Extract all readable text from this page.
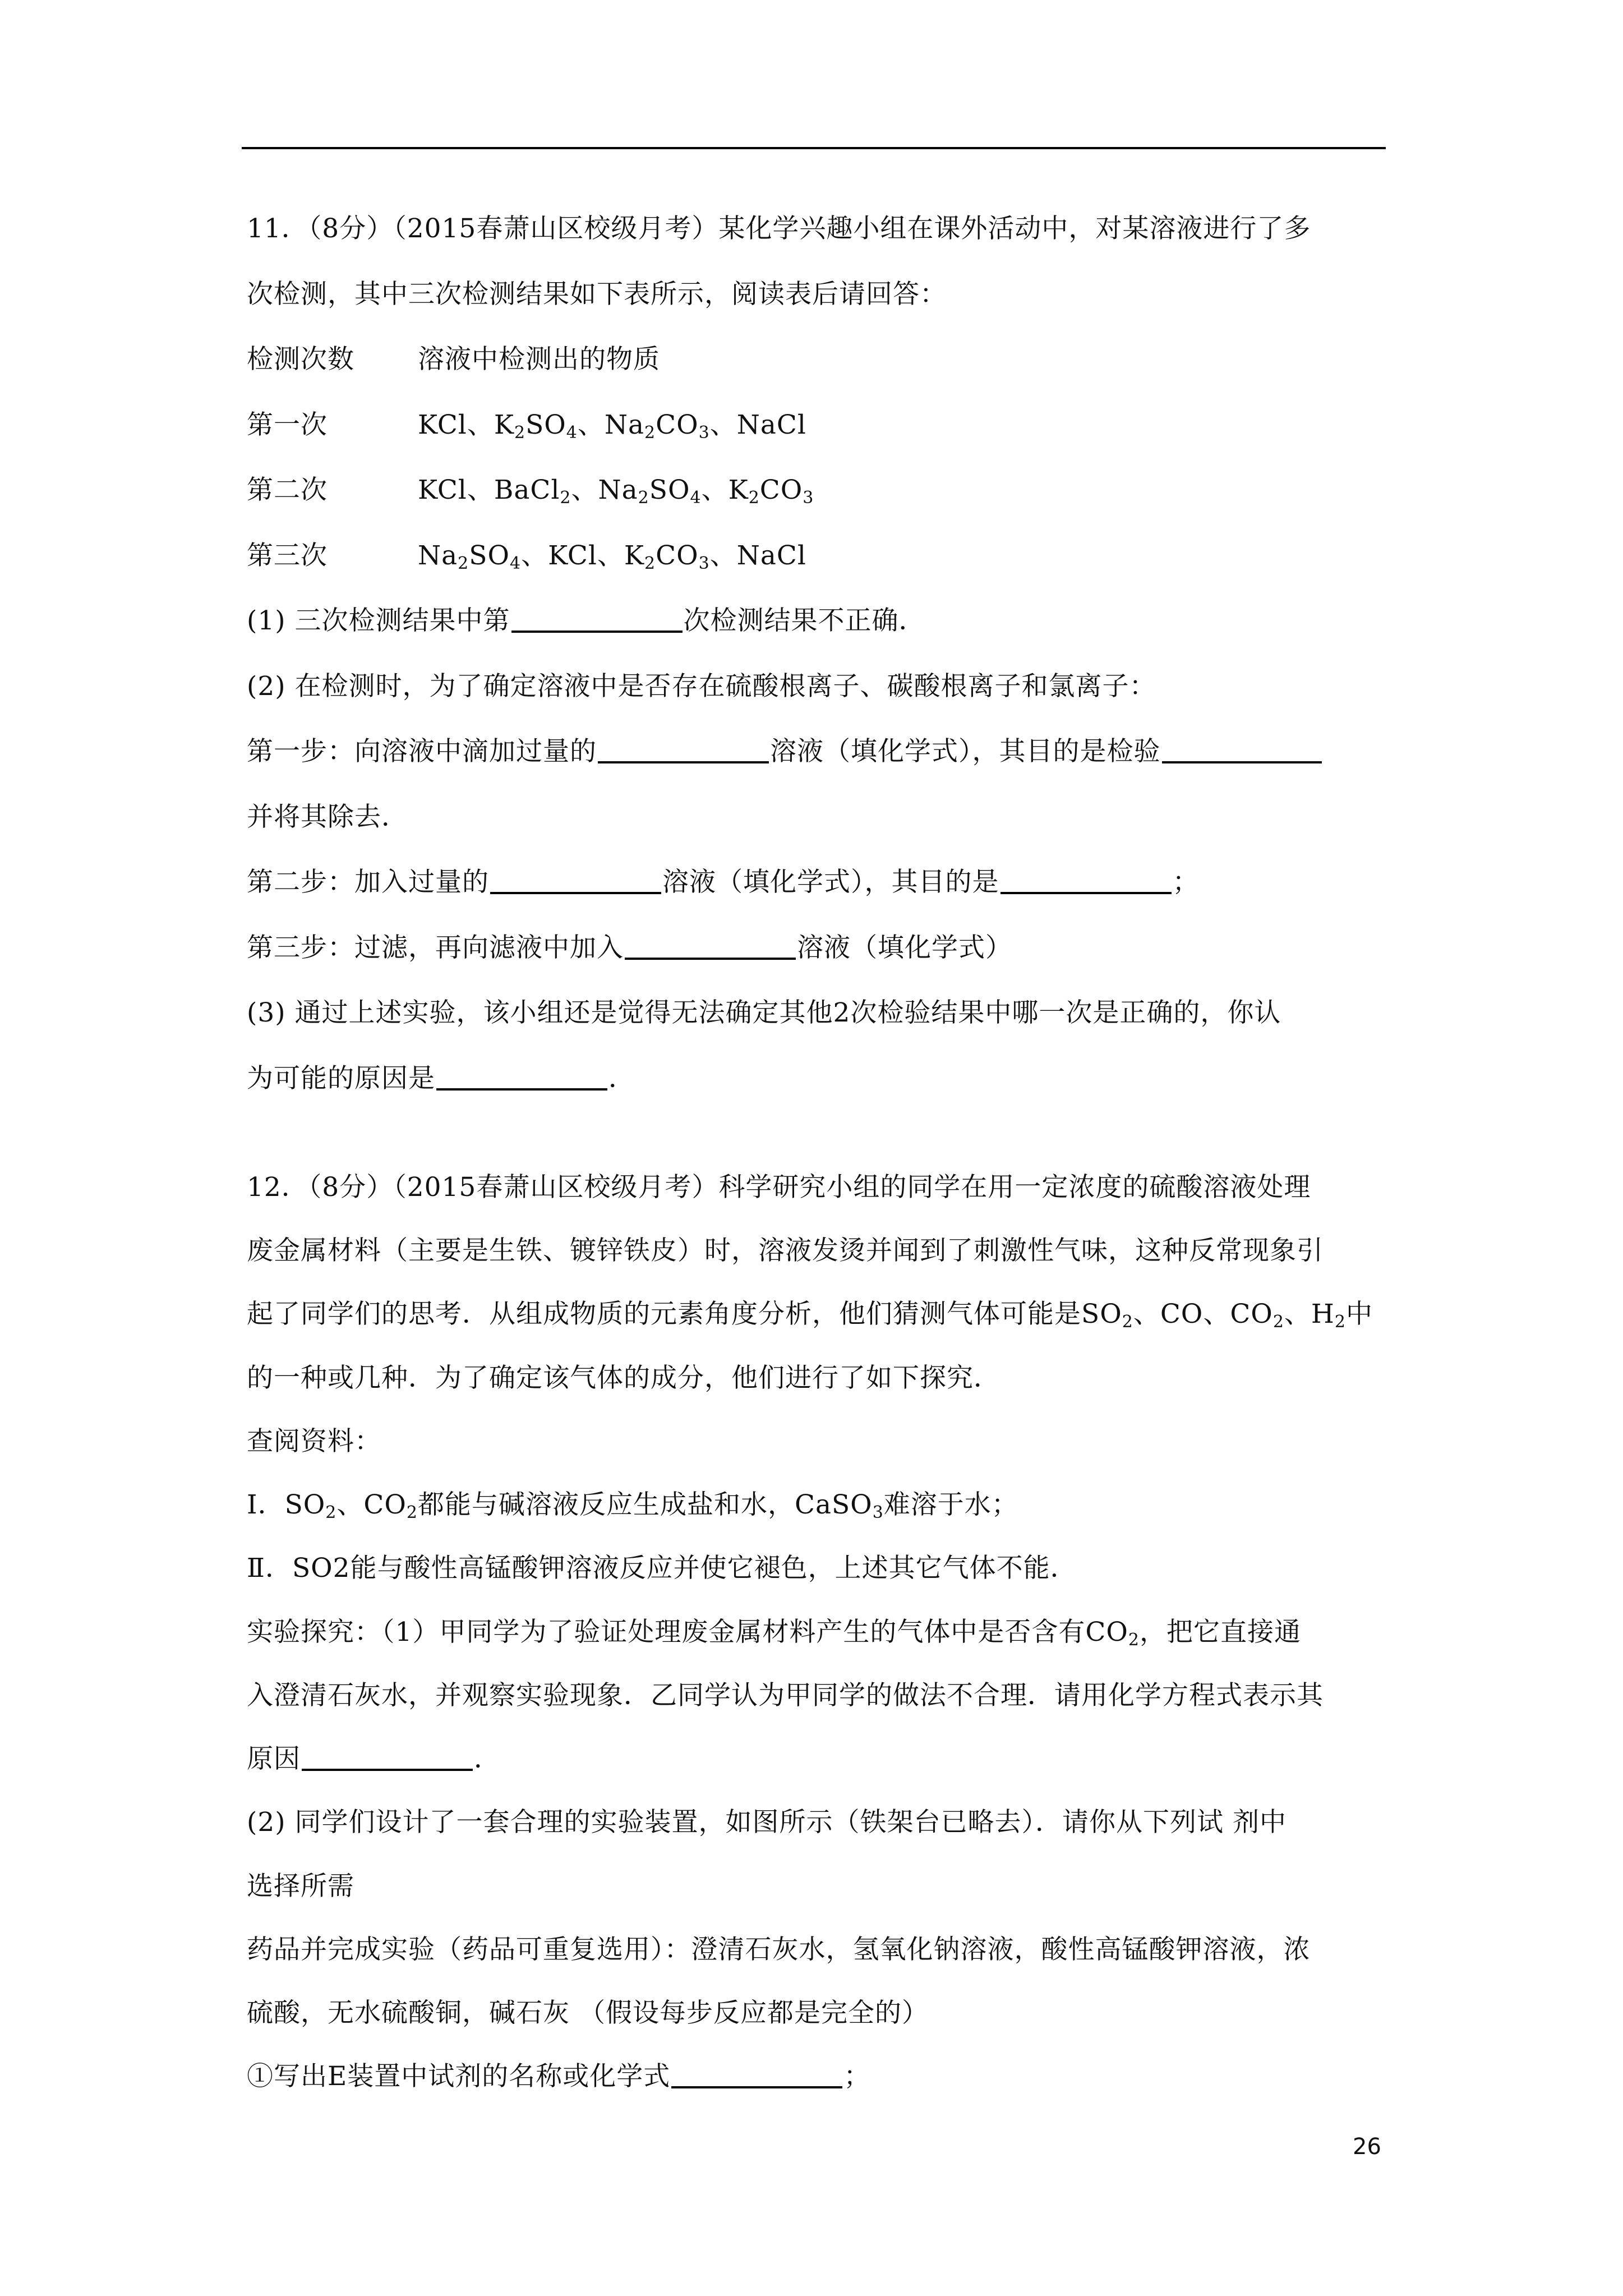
11．（8分）（2015春萧山区校级月考）某化学兴趣小组在课外活动中，对某溶液进行了多
次检测，其中三次检测结果如下表所示，阅读表后请回答：
检测次数 溶液中检测出的物质
第一次	KCl、$K_2SO_4$、$Na_2CO_3$、NaCl
第二次	KCl、BaCl$_2$、$Na_2SO_4$、$K_2CO_3$
第三次	$Na_2SO_4$、KCl、$K_2CO_3$、NaCl
(1) 三次检测结果中第	次检测结果不正确．
(2) 在检测时，为了确定溶液中是否存在硫酸根离子、碳酸根离子和氯离子：
第一步：向溶液中滴加过量的	溶液（填化学式），其目的是检验
并将其除去．
第二步：加入过量的	溶液（填化学式），其目的是	；
第三步：过滤，再向滤液中加入	溶液（填化学式）
(3) 通过上述实验，该小组还是觉得无法确定其他2次检验结果中哪一次是正确的，你认
为可能的原因是	．
12．（8分）（2015春萧山区校级月考）科学研究小组的同学在用一定浓度的硫酸溶液处理
废金属材料（主要是生铁、镀锌铁皮）时，溶液发烫并闻到了刺激性气味，这种反常现象引
起了同学们的思考．从组成物质的元素角度分析，他们猜测气体可能是$SO_2$、CO、$CO_2$、$H_2$中
的一种或几种．为了确定该气体的成分，他们进行了如下探究．
查阅资料：
Ⅰ．$SO_2$、$CO_2$都能与碱溶液反应生成盐和水，CaSO$_3$难溶于水；
Ⅱ．SO2能与酸性高锰酸钾溶液反应并使它褪色，上述其它气体不能．
实验探究：（1）甲同学为了验证处理废金属材料产生的气体中是否含有$CO_2$，把它直接通
入澄清石灰水，并观察实验现象．乙同学认为甲同学的做法不合理．请用化学方程式表示其
原因	．
(2) 同学们设计了一套合理的实验装置，如图所示（铁架台已略去）．请你从下列试 剂中
选择所需
药品并完成实验（药品可重复选用）：澄清石灰水，氢氧化钠溶液，酸性高锰酸钾溶液，浓
硫酸，无水硫酸铜，碱石灰 （假设每步反应都是完全的）
①写出E装置中试剂的名称或化学式	；
26
